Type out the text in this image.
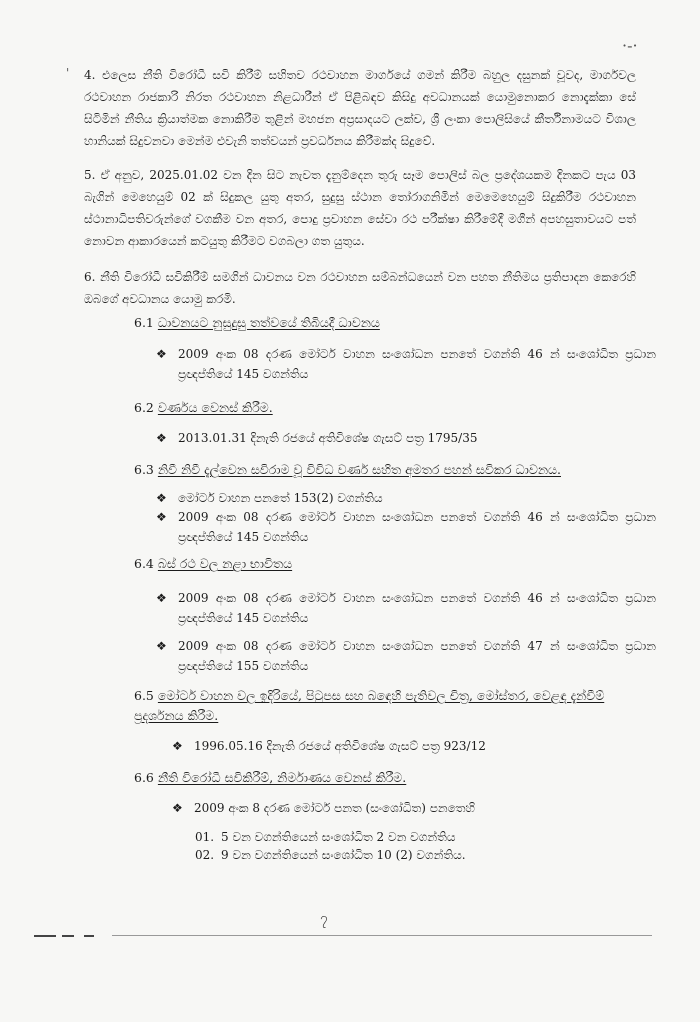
·‑·
' 4. එලෙස නීති විරෝධී සවි කිරීම් සහිතව රථවාහන මාර්ගයේ ගමන් කිරීම බහුල දසුනක් වූවද, මාර්ගවල රථවාහන රාජකාරි නිරත රථවාහන නිළධාරීන් ඒ පිළිබඳව කිසිදු අවධානයක් යොමුනොකර නොදැක්කා සේ සිටිමින් නීතිය ක්‍රියාත්මක නොකිරීම තුළින් මහජන අප්‍රසාදයට ලක්ව, ශ්‍රී ලංකා පොලිසියේ කීර්තිනාමයට විශාල හානියක් සිදුවනවා මෙන්ම එවැනි තත්වයන් ප්‍රවර්ධනය කිරීමක්ද සිදුවේ.
5. ඒ අනුව, 2025.01.02 වන දින සිට නැවත දැනුම්දෙන තුරු සෑම පොලිස් බල ප්‍රදේශයකම දිනකට පැය 03 බැගින් මෙහෙයුම් 02 ක් සිදුකල යුතු අතර, සුදුසු ස්ථාන තෝරාගනිමින් මෙමෙහෙයුම් සිදුකිරීම රථවාහන ස්ථානාධිපතිවරුන්ගේ වගකීම වන අතර, පොදු ප්‍රවාහන සේවා රථ පරීක්ෂා කිරීමේදී මගීන් අපහසුතාවයට පත් නොවන ආකාරයෙන් කටයුතු කිරීමට වගබලා ගත යුතුය.
6. නීති විරෝධී සවිකිරීම් සමගින් ධාවනය වන රථවාහන සම්බන්ධයෙන් වන පහත නීතිමය ප්‍රතිපාදන කෙරෙහි ඔබගේ අවධානය යොමු කරමි.
6.1 ධාවනයට නුසුදුසු තත්වයේ තිබියදී ධාවනය
❖ 2009 අංක 08 දරණ මෝටර් වාහන සංශෝධන පනතේ වගන්ති 46 න් සංශෝධිත ප්‍රධාන ප්‍රඥප්තියේ 145 වගන්තිය
6.2 වර්ණය වෙනස් කිරීම.
❖ 2013.01.31 දිනැති රජයේ අතිවිශේෂ ගැසට් පත්‍ර 1795/35
6.3 නිවී නිවී දැල්වෙන සවිරාම වූ විවිධ වර්ණ සහිත අමතර පහන් සවිකර ධාවනය.
❖ මෝටර් වාහන පනතේ 153(2) වගන්තිය
❖ 2009 අංක 08 දරණ මෝටර් වාහන සංශෝධන පනතේ වගන්ති 46 න් සංශෝධිත ප්‍රධාන ප්‍රඥප්තියේ 145 වගන්තිය
6.4 බස් රථ වල නළා භාවිතය
❖ 2009 අංක 08 දරණ මෝටර් වාහන සංශෝධන පනතේ වගන්ති 46 න් සංශෝධිත ප්‍රධාන ප්‍රඥප්තියේ 145 වගන්තිය
❖ 2009 අංක 08 දරණ මෝටර් වාහන සංශෝධන පනතේ වගන්ති 47 න් සංශෝධිත ප්‍රධාන ප්‍රඥප්තියේ 155 වගන්තිය
6.5 මෝටර් වාහන වල ඉදිරියේ, පිටුපස සහ බඳෙහි පැතිවල චිත්‍ර, මෝස්තර, වෙළඳ දැන්වීම් ප්‍රදර්ශනය කිරීම.
❖ 1996.05.16 දිනැති රජයේ අතිවිශේෂ ගැසට් පත්‍ර 923/12
6.6 නීති විරෝධී සවිකිරීම්, නිර්මාණය වෙනස් කිරීම.
❖ 2009 අංක 8 දරණ මෝටර් පනත (සංශෝධිත) පනතෙහි
01. 5 වන වගන්තියෙන් සංශෝධිත 2 වන වගන්තිය
02. 9 වන වගන්තියෙන් සංශෝධිත 10 (2) වගන්තිය.
၇
